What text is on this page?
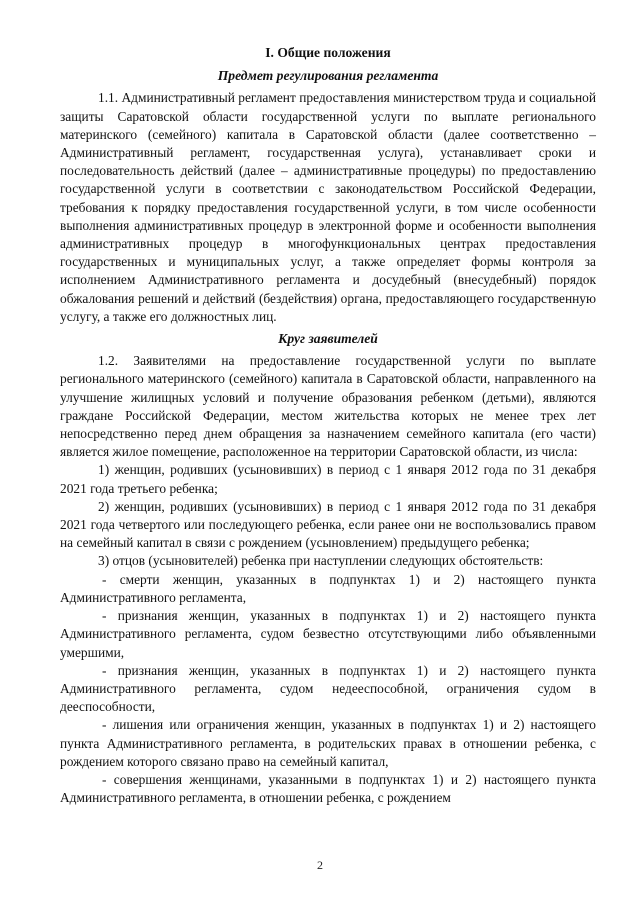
I. Общие положения
Предмет регулирования регламента

1.1. Административный регламент предоставления министерством труда и социальной защиты Саратовской области государственной услуги по выплате регионального материнского (семейного) капитала в Саратовской области (далее соответственно – Административный регламент, государственная услуга), устанавливает сроки и последовательность действий (далее – административные процедуры) по предоставлению государственной услуги в соответствии с законодательством Российской Федерации, требования к порядку предоставления государственной услуги, в том числе особенности выполнения административных процедур в электронной форме и особенности выполнения административных процедур в многофункциональных центрах предоставления государственных и муниципальных услуг, а также определяет формы контроля за исполнением Административного регламента и досудебный (внесудебный) порядок обжалования решений и действий (бездействия) органа, предоставляющего государственную услугу, а также его должностных лиц.

Круг заявителей

1.2. Заявителями на предоставление государственной услуги по выплате регионального материнского (семейного) капитала в Саратовской области, направленного на улучшение жилищных условий и получение образования ребенком (детьми), являются граждане Российской Федерации, местом жительства которых не менее трех лет непосредственно перед днем обращения за назначением семейного капитала (его части) является жилое помещение, расположенное на территории Саратовской области, из числа:

1) женщин, родивших (усыновивших) в период с 1 января 2012 года по 31 декабря 2021 года третьего ребенка;

2) женщин, родивших (усыновивших) в период с 1 января 2012 года по 31 декабря 2021 года четвертого или последующего ребенка, если ранее они не воспользовались правом на семейный капитал в связи с рождением (усыновлением) предыдущего ребенка;

3) отцов (усыновителей) ребенка при наступлении следующих обстоятельств:

- смерти женщин, указанных в подпунктах 1) и 2) настоящего пункта Административного регламента,

- признания женщин, указанных в подпунктах 1) и 2) настоящего пункта Административного регламента, судом безвестно отсутствующими либо объявленными умершими,

- признания женщин, указанных в подпунктах 1) и 2) настоящего пункта Административного регламента, судом недееспособной, ограничения судом в дееспособности,

- лишения или ограничения женщин, указанных в подпунктах 1) и 2) настоящего пункта Административного регламента, в родительских правах в отношении ребенка, с рождением которого связано право на семейный капитал,

- совершения женщинами, указанными в подпунктах 1) и 2) настоящего пункта Административного регламента, в отношении ребенка, с рождением

2
